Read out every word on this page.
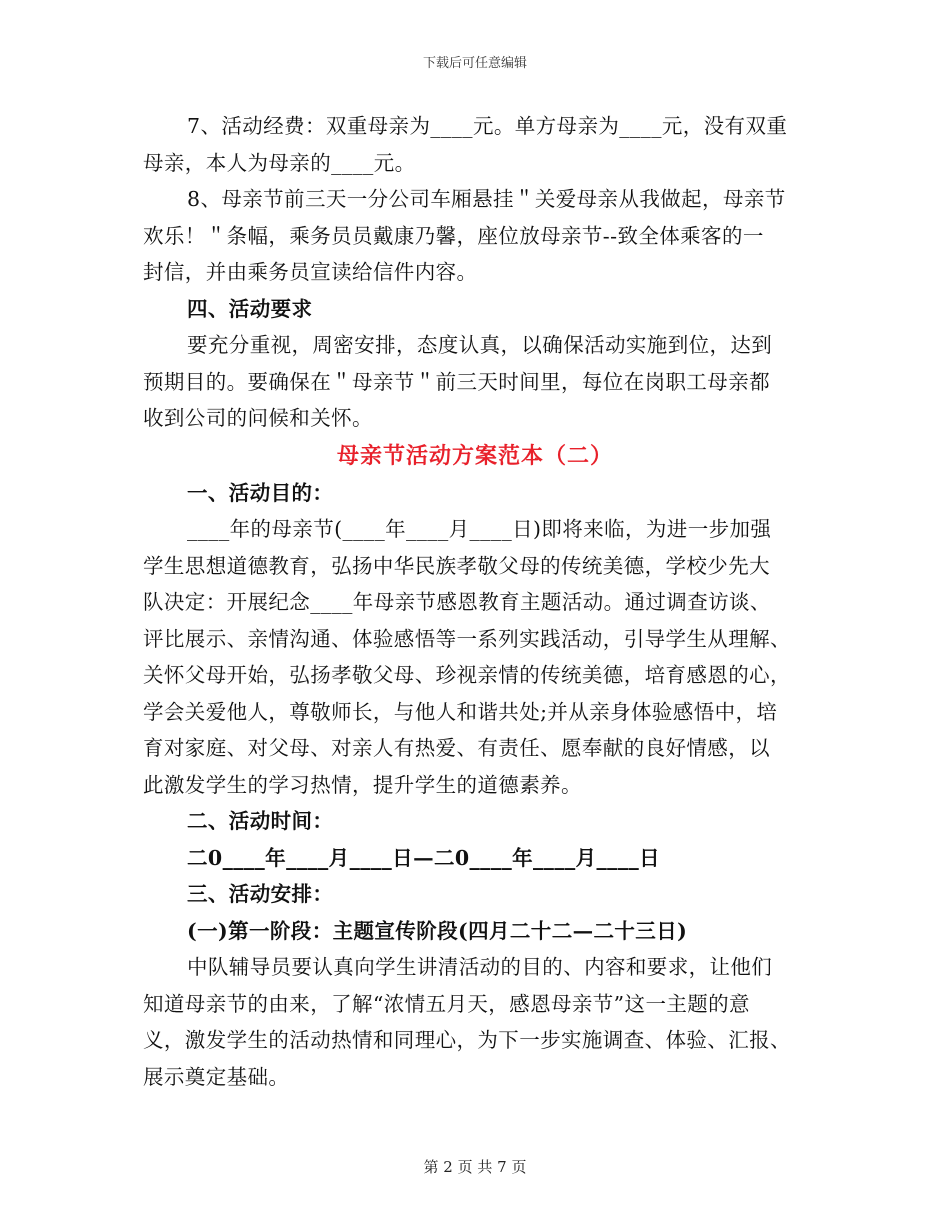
下载后可任意编辑
7、活动经费：双重母亲为____元。单方母亲为____元，没有双重
母亲，本人为母亲的____元。
8、母亲节前三天一分公司车厢悬挂＂关爱母亲从我做起，母亲节
欢乐！＂条幅，乘务员员戴康乃馨，座位放母亲节--致全体乘客的一
封信，并由乘务员宣读给信件内容。
四、活动要求
要充分重视，周密安排，态度认真，以确保活动实施到位，达到
预期目的。要确保在＂母亲节＂前三天时间里，每位在岗职工母亲都
收到公司的问候和关怀。
母亲节活动方案范本（二）
一、活动目的：
____年的母亲节(____年____月____日)即将来临，为进一步加强
学生思想道德教育，弘扬中华民族孝敬父母的传统美德，学校少先大
队决定：开展纪念____年母亲节感恩教育主题活动。通过调查访谈、
评比展示、亲情沟通、体验感悟等一系列实践活动，引导学生从理解、
关怀父母开始，弘扬孝敬父母、珍视亲情的传统美德，培育感恩的心，
学会关爱他人，尊敬师长，与他人和谐共处;并从亲身体验感悟中，培
育对家庭、对父母、对亲人有热爱、有责任、愿奉献的良好情感，以
此激发学生的学习热情，提升学生的道德素养。
二、活动时间：
二0____年____月____日—二0____年____月____日
三、活动安排：
(一)第一阶段：主题宣传阶段(四月二十二—二十三日)
中队辅导员要认真向学生讲清活动的目的、内容和要求，让他们
知道母亲节的由来，了解“浓情五月天，感恩母亲节”这一主题的意
义，激发学生的活动热情和同理心，为下一步实施调查、体验、汇报、
展示奠定基础。
第 2 页 共 7 页
